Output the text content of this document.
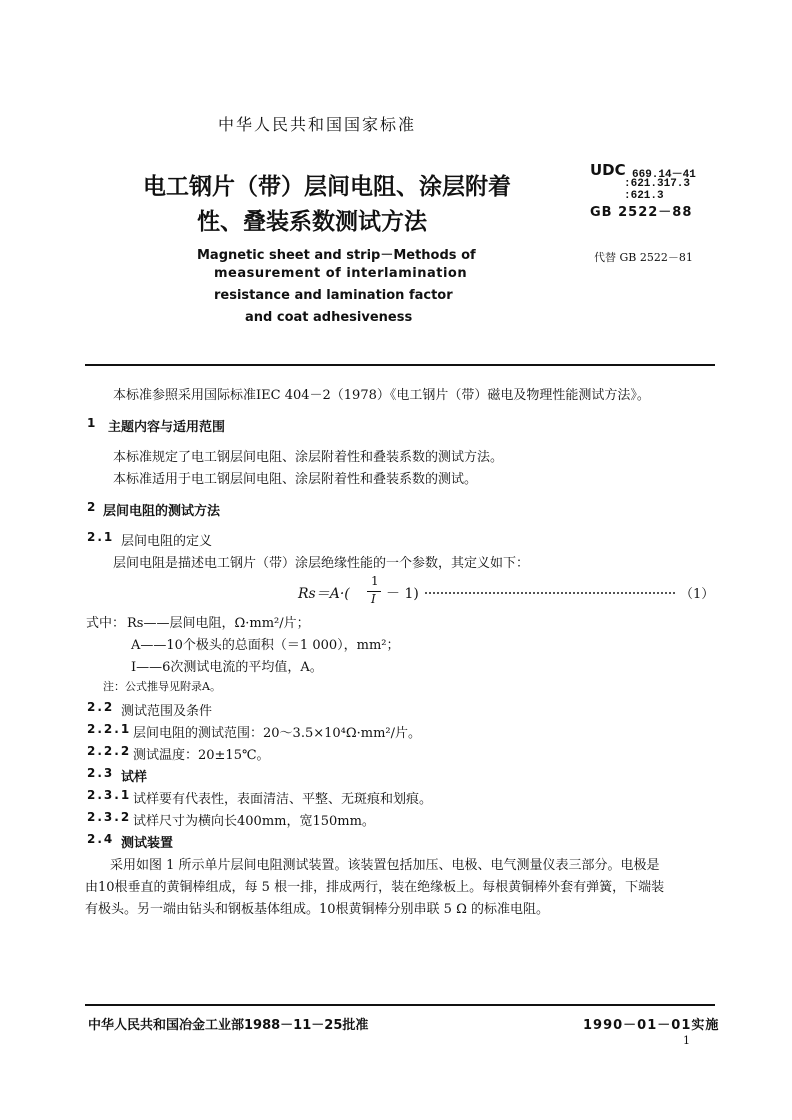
中华人民共和国国家标准
电工钢片（带）层间电阻、涂层附着
性、叠装系数测试方法
Magnetic sheet and strip－Methods of
measurement of interlamination
resistance and lamination factor
and coat adhesiveness
UDC 669.14－41
:621.317.3
:621.3
GB 2522－88
代替 GB 2522－81
本标准参照采用国际标准IEC 404－2（1978）《电工钢片（带）磁电及物理性能测试方法》。
1 主题内容与适用范围
本标准规定了电工钢层间电阻、涂层附着性和叠装系数的测试方法。
本标准适用于电工钢层间电阻、涂层附着性和叠装系数的测试。
2 层间电阻的测试方法
2.1 层间电阻的定义
层间电阻是描述电工钢片（带）涂层绝缘性能的一个参数，其定义如下：
Rs＝A·(
1
I － 1)	（1）
式中： Rs——层间电阻，Ω·mm²/片；
A——10个极头的总面积（＝1 000），mm²；
I——6次测试电流的平均值，A。
注：公式推导见附录A。
2.2 测试范围及条件
2.2.1 层间电阻的测试范围：20～3.5×10⁴Ω·mm²/片。
2.2.2 测试温度：20±15℃。
2.3 试样
2.3.1 试样要有代表性，表面清洁、平整、无斑痕和划痕。
2.3.2 试样尺寸为横向长400mm，宽150mm。
2.4 测试装置
采用如图 1 所示单片层间电阻测试装置。该装置包括加压、电极、电气测量仪表三部分。电极是
由10根垂直的黄铜棒组成，每 5 根一排，排成两行，装在绝缘板上。每根黄铜棒外套有弹簧，下端装
有极头。另一端由钻头和钢板基体组成。10根黄铜棒分别串联 5 Ω 的标准电阻。
中华人民共和国冶金工业部1988－11－25批准	1990－01－01实施
1
